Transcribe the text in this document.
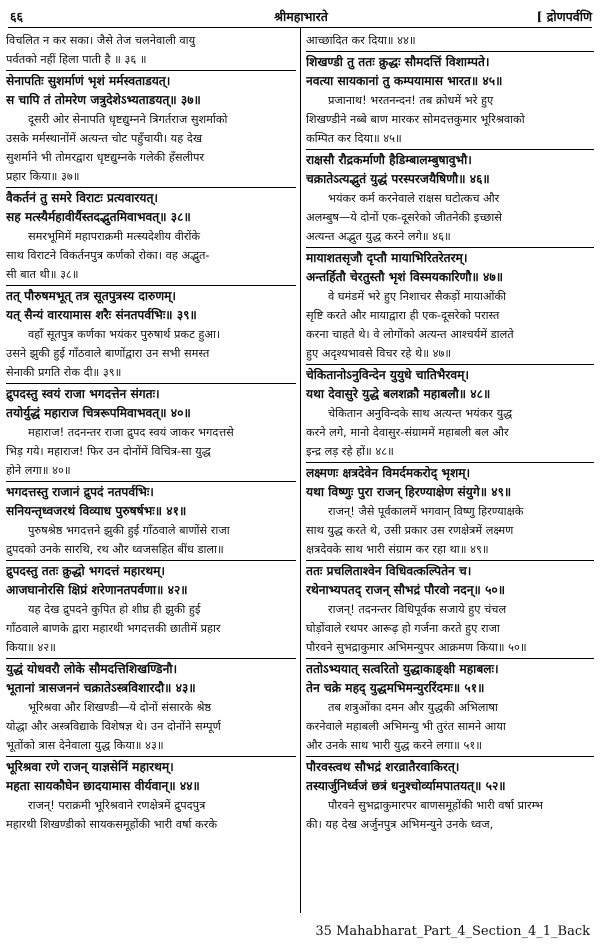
६६	श्रीमहाभारते	[ द्रोणपर्वणि
विचलित न कर सका। जैसे तेज चलनेवाली वायु
पर्वतको नहीं हिला पाती है ॥ ३६ ॥
सेनापतिः सुशर्माणं भृशं मर्मस्वताडयत्।
स चापि तं तोमरेण जत्रुदेशेऽभ्यताडयत्॥ ३७॥
दूसरी ओर सेनापति धृष्टद्युम्नने त्रिगर्तराज सुशर्माको
उसके मर्मस्थानोंमें अत्यन्त चोट पहुँचायी। यह देख
सुशर्माने भी तोमरद्वारा धृष्टद्युम्नके गलेकी हँसलीपर
प्रहार किया॥ ३७॥
वैकर्तनं तु समरे विराटः प्रत्यवारयत्।
सह मत्स्यैर्महावीर्यैस्तदद्भुतमिवाभवत्॥ ३८॥
समरभूमिमें महापराक्रमी मत्स्यदेशीय वीरोंके
साथ विराटने विकर्तनपुत्र कर्णको रोका। वह अद्भुत-
सी बात थी॥ ३८॥
तत् पौरुषमभूत् तत्र सूतपुत्रस्य दारुणम्।
यत् सैन्यं वारयामास शरैः संनतपर्वभिः॥ ३९॥
वहाँ सूतपुत्र कर्णका भयंकर पुरुषार्थ प्रकट हुआ।
उसने झुकी हुई गाँठवाले बाणोंद्वारा उन सभी समस्त
सेनाकी प्रगति रोक दी॥ ३९॥
द्रुपदस्तु स्वयं राजा भगदत्तेन संगतः।
तयोर्युद्धं महाराज चित्ररूपमिवाभवत्॥ ४०॥
महाराज! तदनन्तर राजा द्रुपद स्वयं जाकर भगदत्तसे
भिड़ गये। महाराज! फिर उन दोनोंमें विचित्र-सा युद्ध
होने लगा॥ ४०॥
भगदत्तस्तु राजानं द्रुपदं नतपर्वभिः।
सनियन्तृध्वजरथं विव्याध पुरुषर्षभः॥ ४१॥
पुरुषश्रेष्ठ भगदत्तने झुकी हुई गाँठवाले बाणोंसे राजा
द्रुपदको उनके सारथि, रथ और ध्वजसहित बींध डाला॥
द्रुपदस्तु ततः क्रुद्धो भगदत्तं महारथम्।
आजघानोरसि क्षिप्रं शरेणानतपर्वणा॥ ४२॥
यह देख द्रुपदने कुपित हो शीघ्र ही झुकी हुई
गाँठवाले बाणके द्वारा महारथी भगदत्तकी छातीमें प्रहार
किया॥ ४२॥
युद्धं योधवरौ लोके सौमदत्तिशिखण्डिनौ।
भूतानां त्रासजननं चक्रातेऽस्त्रविशारदौ॥ ४३॥
भूरिश्रवा और शिखण्डी—ये दोनों संसारके श्रेष्ठ
योद्धा और अस्त्रविद्याके विशेषज्ञ थे। उन दोनोंने सम्पूर्ण
भूतोंको त्रास देनेवाला युद्ध किया॥ ४३॥
भूरिश्रवा रणे राजन् याज्ञसेनिं महारथम्।
महता सायकौघेन छादयामास वीर्यवान्॥ ४४॥
राजन्! पराक्रमी भूरिश्रवाने रणक्षेत्रमें द्रुपदपुत्र
महारथी शिखण्डीको सायकसमूहोंकी भारी वर्षा करके
आच्छादित कर दिया॥ ४४॥
शिखण्डी तु ततः क्रुद्धः सौमदत्तिं विशाम्पते।
नवत्या सायकानां तु कम्पयामास भारत॥ ४५॥
प्रजानाथ! भरतनन्दन! तब क्रोधमें भरे हुए
शिखण्डीने नब्बे बाण मारकर सोमदत्तकुमार भूरिश्रवाको
कम्पित कर दिया॥ ४५॥
राक्षसौ रौद्रकर्माणौ हैडिम्बालम्बुषावुभौ।
चक्रातेऽत्यद्भुतं युद्धं परस्परजयैषिणौ॥ ४६॥
भयंकर कर्म करनेवाले राक्षस घटोत्कच और
अलम्बुष—ये दोनों एक-दूसरेको जीतनेकी इच्छासे
अत्यन्त अद्भुत युद्ध करने लगे॥ ४६॥
मायाशतसृजौ दृप्तौ मायाभिरितरेतरम्।
अन्तर्हितौ चेरतुस्तौ भृशं विस्मयकारिणौ॥ ४७॥
वे घमंडमें भरे हुए निशाचर सैकड़ों मायाओंकी
सृष्टि करते और मायाद्वारा ही एक-दूसरेको परास्त
करना चाहते थे। वे लोगोंको अत्यन्त आश्चर्यमें डालते
हुए अदृश्यभावसे विचर रहे थे॥ ४७॥
चेकितानोऽनुविन्देन युयुधे चातिभैरवम्।
यथा देवासुरे युद्धे बलशक्रौ महाबलौ॥ ४८॥
चेकितान अनुविन्दके साथ अत्यन्त भयंकर युद्ध
करने लगे, मानो देवासुर-संग्राममें महाबली बल और
इन्द्र लड़ रहे हों॥ ४८॥
लक्ष्मणः क्षत्रदेवेन विमर्दमकरोद् भृशम्।
यथा विष्णुः पुरा राजन् हिरण्याक्षेण संयुगे॥ ४९॥
राजन्! जैसे पूर्वकालमें भगवान् विष्णु हिरण्याक्षके
साथ युद्ध करते थे, उसी प्रकार उस रणक्षेत्रमें लक्ष्मण
क्षत्रदेवके साथ भारी संग्राम कर रहा था॥ ४९॥
ततः प्रचलिताश्वेन विधिवत्कल्पितेन च।
रथेनाभ्यपतद् राजन् सौभद्रं पौरवो नदन्॥ ५०॥
राजन्! तदनन्तर विधिपूर्वक सजाये हुए चंचल
घोड़ोंवाले रथपर आरूढ़ हो गर्जना करते हुए राजा
पौरवने सुभद्राकुमार अभिमन्युपर आक्रमण किया॥ ५०॥
ततोऽभ्ययात् सत्वरितो युद्धाकाङ्क्षी महाबलः।
तेन चक्रे महद् युद्धमभिमन्युररिंदमः॥ ५१॥
तब शत्रुओंका दमन और युद्धकी अभिलाषा
करनेवाले महाबली अभिमन्यु भी तुरंत सामने आया
और उनके साथ भारी युद्ध करने लगा॥ ५१॥
पौरवस्त्वथ सौभद्रं शरव्रातैरवाकिरत्।
तस्यार्जुनिर्ध्वजं छत्रं धनुश्चोर्व्यामपातयत्॥ ५२॥
पौरवने सुभद्राकुमारपर बाणसमूहोंकी भारी वर्षा प्रारम्भ
की। यह देख अर्जुनपुत्र अभिमन्युने उनके ध्वज,
35 Mahabharat_Part_4_Section_4_1_Back
